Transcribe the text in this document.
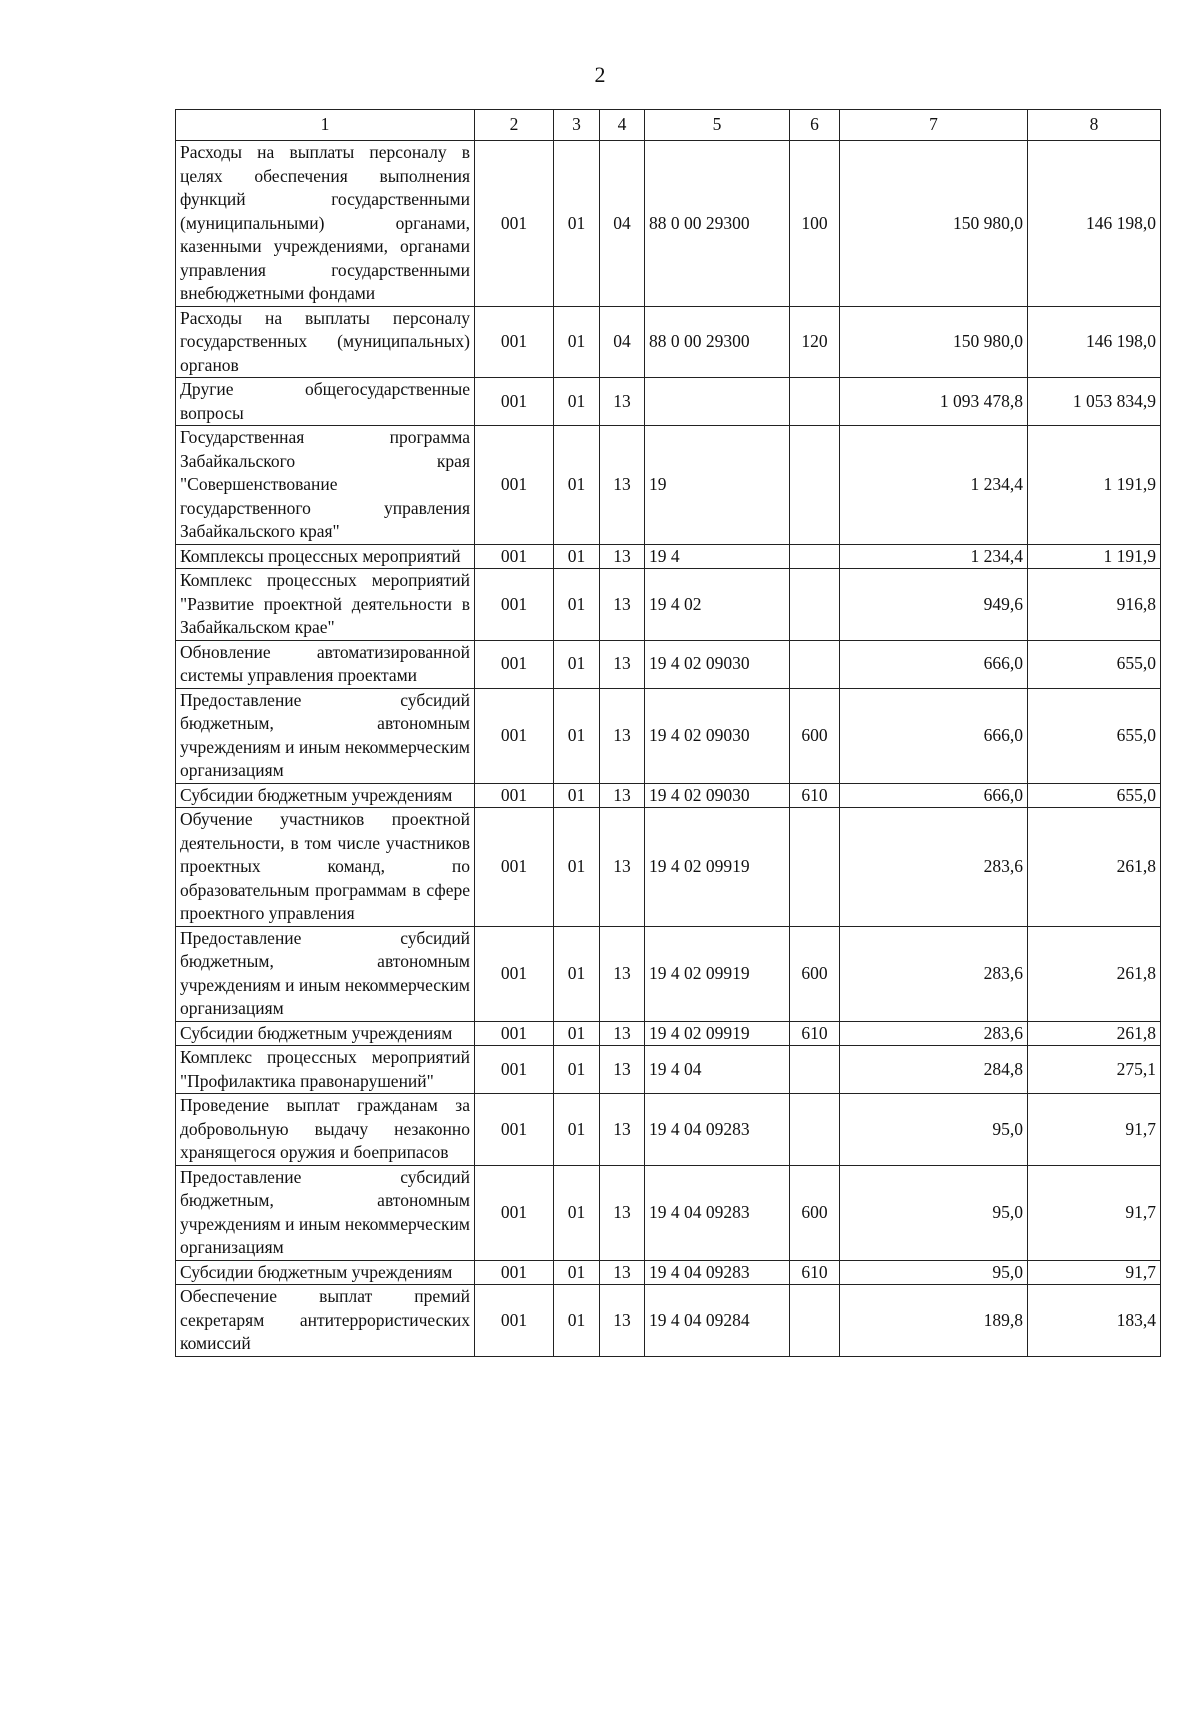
2
1	2	3	4	5	6	7	8
Расходы на выплаты персоналу в целях обеспечения выполнения функций государственными (муниципальными) органами, казенными учреждениями, органами управления государственными внебюджетными фондами	001	01	04	88 0 00 29300	100	150 980,0	146 198,0
Расходы на выплаты персоналу государственных (муниципальных) органов	001	01	04	88 0 00 29300	120	150 980,0	146 198,0
Другие общегосударственные вопросы	001	01	13			1 093 478,8	1 053 834,9
Государственная программа Забайкальского края "Совершенствование государственного управления Забайкальского края"	001	01	13	19		1 234,4	1 191,9
Комплексы процессных мероприятий	001	01	13	19 4		1 234,4	1 191,9
Комплекс процессных мероприятий "Развитие проектной деятельности в Забайкальском крае"	001	01	13	19 4 02		949,6	916,8
Обновление автоматизированной системы управления проектами	001	01	13	19 4 02 09030		666,0	655,0
Предоставление субсидий бюджетным, автономным учреждениям и иным некоммерческим организациям	001	01	13	19 4 02 09030	600	666,0	655,0
Субсидии бюджетным учреждениям	001	01	13	19 4 02 09030	610	666,0	655,0
Обучение участников проектной деятельности, в том числе участников проектных команд, по образовательным программам в сфере проектного управления	001	01	13	19 4 02 09919		283,6	261,8
Предоставление субсидий бюджетным, автономным учреждениям и иным некоммерческим организациям	001	01	13	19 4 02 09919	600	283,6	261,8
Субсидии бюджетным учреждениям	001	01	13	19 4 02 09919	610	283,6	261,8
Комплекс процессных мероприятий "Профилактика правонарушений"	001	01	13	19 4 04		284,8	275,1
Проведение выплат гражданам за добровольную выдачу незаконно хранящегося оружия и боеприпасов	001	01	13	19 4 04 09283		95,0	91,7
Предоставление субсидий бюджетным, автономным учреждениям и иным некоммерческим организациям	001	01	13	19 4 04 09283	600	95,0	91,7
Субсидии бюджетным учреждениям	001	01	13	19 4 04 09283	610	95,0	91,7
Обеспечение выплат премий секретарям антитеррористических комиссий	001	01	13	19 4 04 09284		189,8	183,4
